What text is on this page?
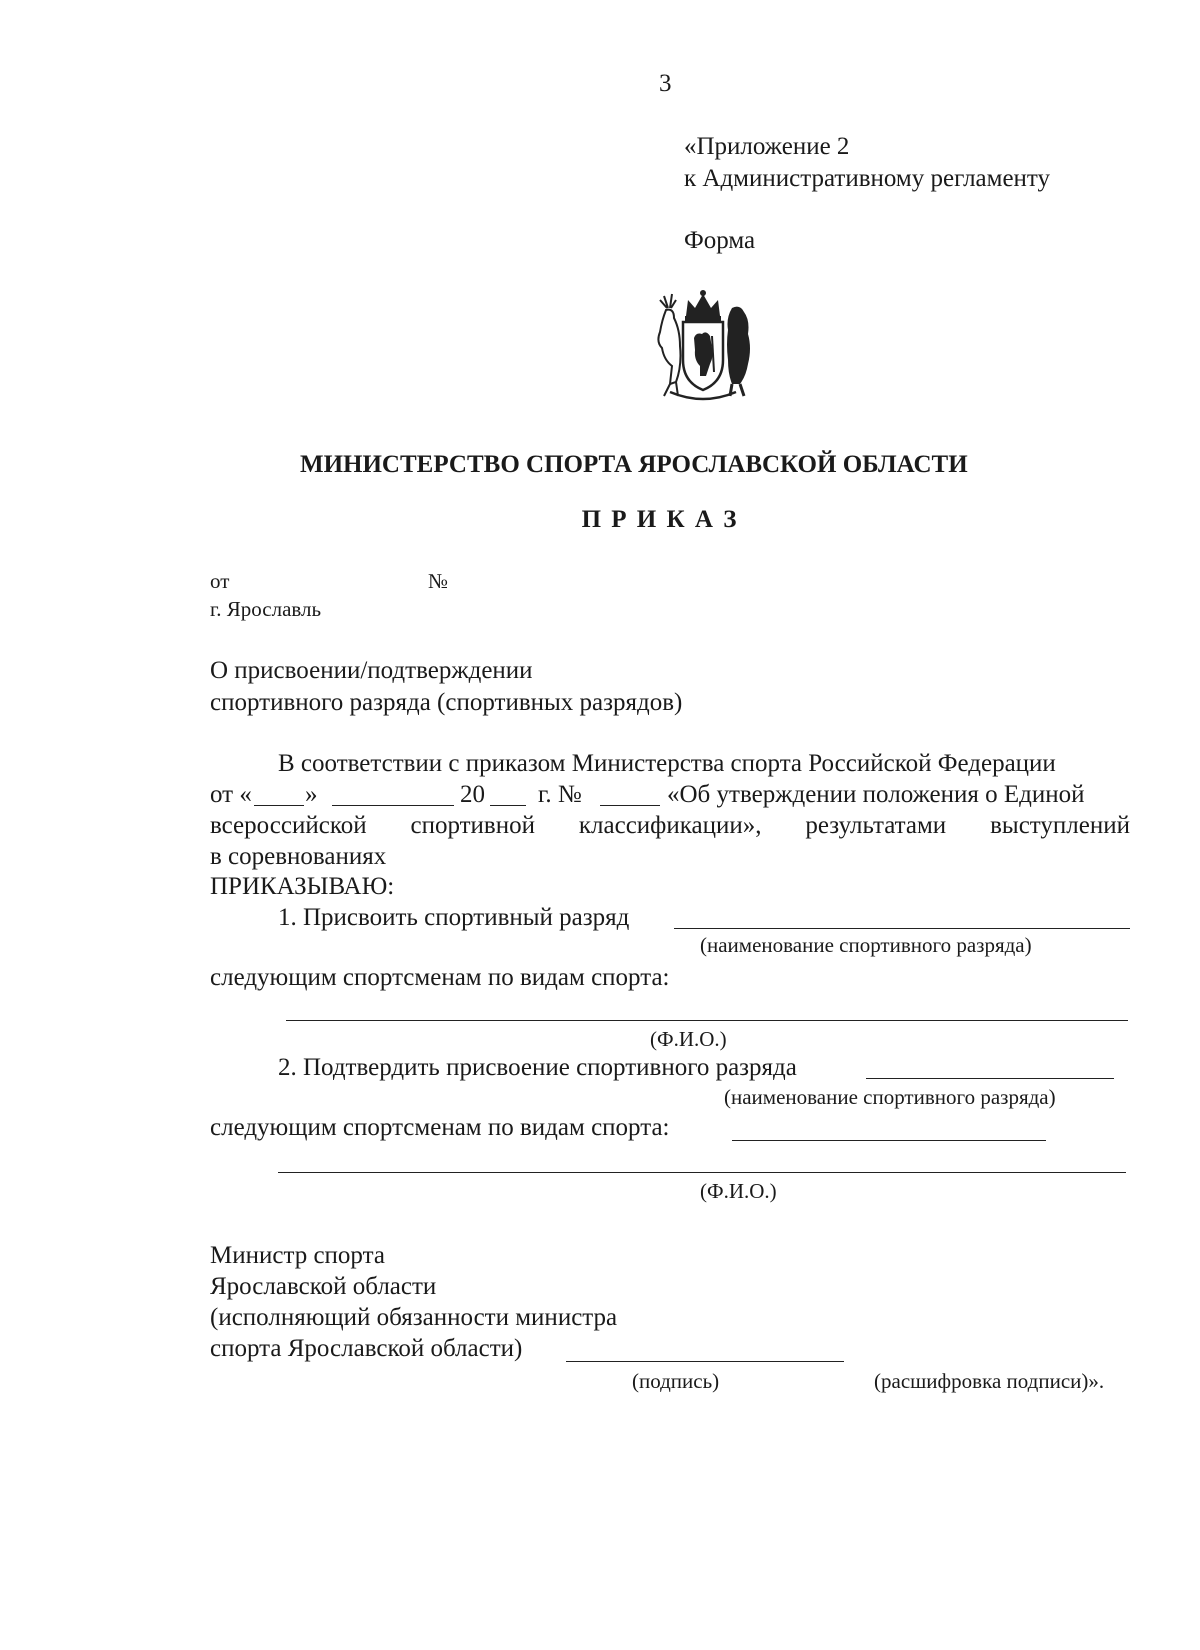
3
«Приложение 2
к Административному регламенту
Форма
МИНИСТЕРСТВО СПОРТА ЯРОСЛАВСКОЙ ОБЛАСТИ
П Р И К А З
от	№
г. Ярославль
О присвоении/подтверждении
спортивного разряда (спортивных разрядов)
В соответствии с приказом Министерства спорта Российской Федерации
от « »	20 г. №	«Об утверждении положения о Единой
всероссийской спортивной классификации», результатами выступлений
в соревнованиях
ПРИКАЗЫВАЮ:
1. Присвоить спортивный разряд
(наименование спортивного разряда)
следующим спортсменам по видам спорта:
(Ф.И.О.)
2. Подтвердить присвоение спортивного разряда
(наименование спортивного разряда)
следующим спортсменам по видам спорта:
(Ф.И.О.)
Министр спорта
Ярославской области
(исполняющий обязанности министра
спорта Ярославской области)
(подпись)	(расшифровка подписи)».
